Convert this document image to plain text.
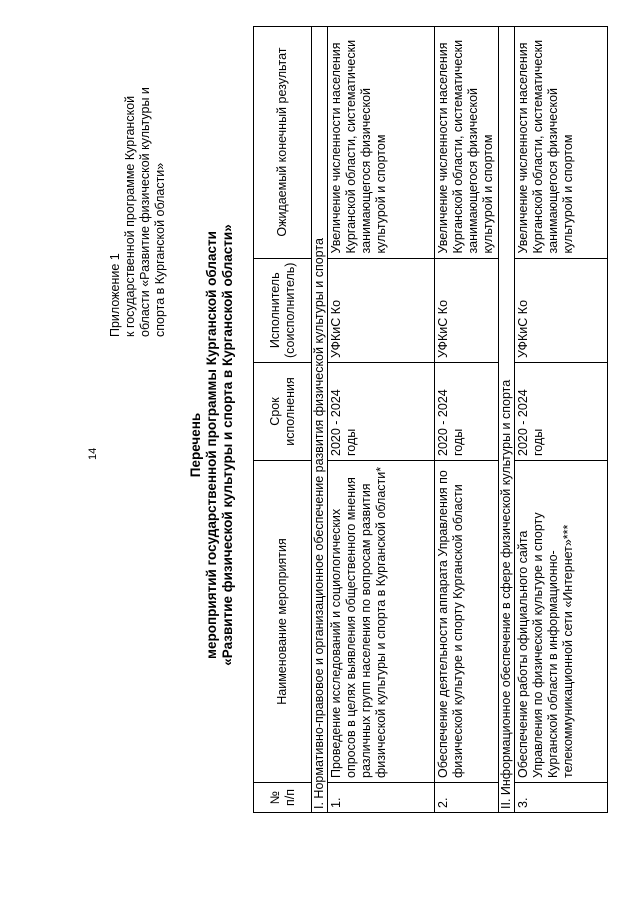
14
Приложение 1 к государственной программе Курганской области «Развитие физической культуры и спорта в Курганской области»
Перечень мероприятий государственной программы Курганской области «Развитие физической культуры и спорта в Курганской области»
№ п/п	Наименование мероприятия	Срок исполнения	Исполнитель (соисполнитель)	Ожидаемый конечный результат
I. Нормативно-правовое и организационное обеспечение развития физической культуры и спорта				
1.	Проведение исследований и социологических опросов в целях выявления общественного мнения различных групп населения по вопросам развития физической культуры и спорта в Курганской области*	2020 - 2024 годы	УФКиС Ко	Увеличение численности населения Курганской области, систематически занимающегося физической культурой и спортом
2.	Обеспечение деятельности аппарата Управления по физической культуре и спорту Курганской области	2020 - 2024 годы	УФКиС Ко	Увеличение численности населения Курганской области, систематически занимающегося физической культурой и спортом
II. Информационное обеспечение в сфере физической культуры и спорта				
3.	Обеспечение работы официального сайта Управления по физической культуре и спорту Курганской области в информационно-телекоммуникационной сети «Интернет»***	2020 - 2024 годы	УФКиС Ко	Увеличение численности населения Курганской области, систематически занимающегося физической культурой и спортом
